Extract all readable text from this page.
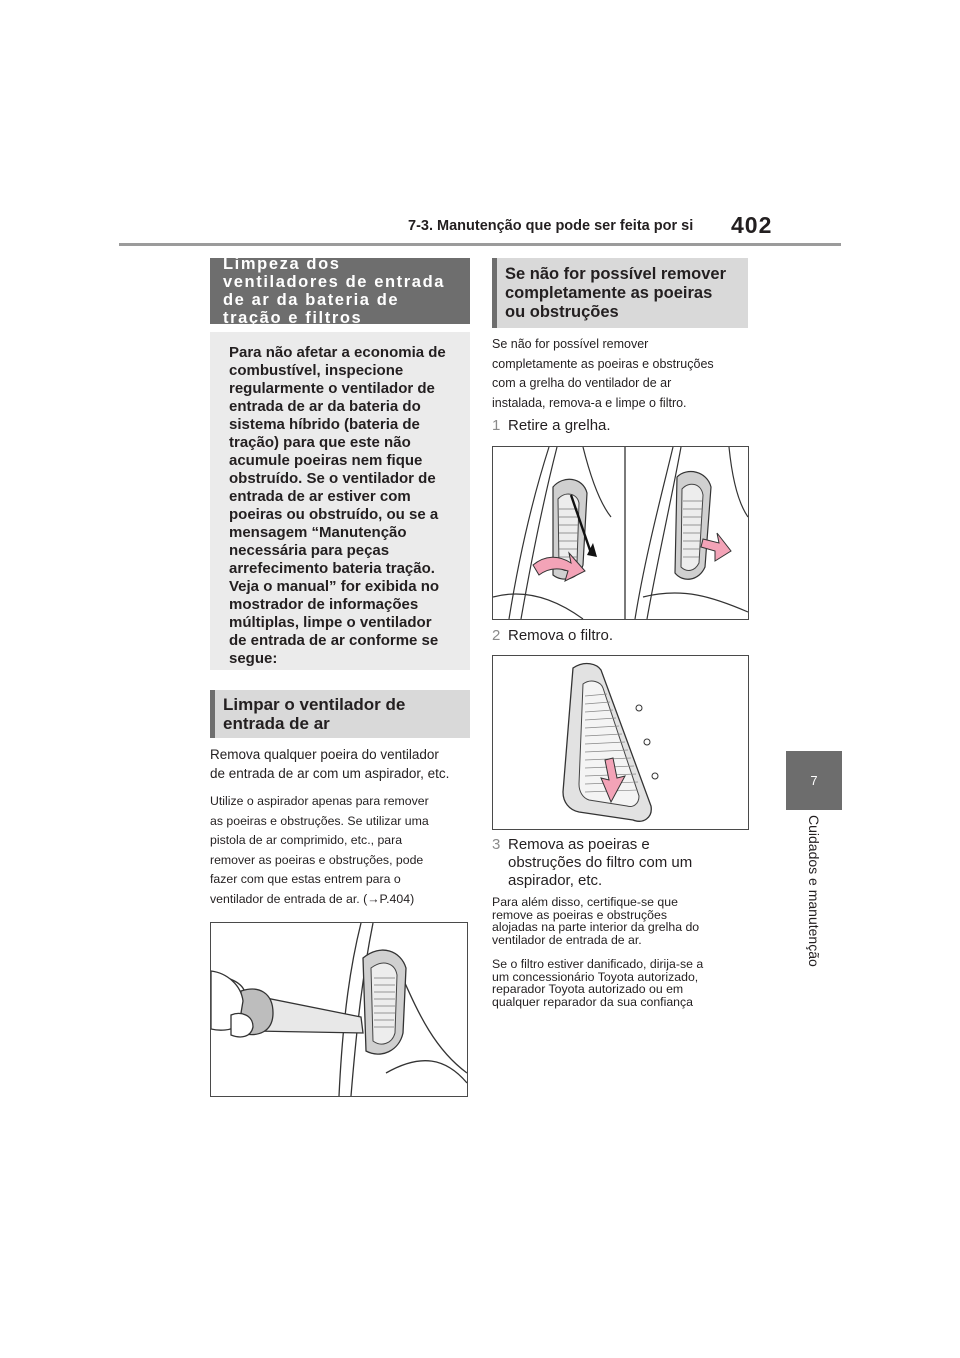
7-3. Manutenção que pode ser feita por si 402
7
Cuidados e manutenção
Limpeza dos ventiladores de entrada de ar da bateria de tração e filtros
Para não afetar a economia de
combustível, inspecione
regularmente o ventilador de
entrada de ar da bateria do
sistema híbrido (bateria de
tração) para que este não
acumule poeiras nem fique
obstruído. Se o ventilador de
entrada de ar estiver com
poeiras ou obstruído, ou se a
mensagem “Manutenção
necessária para peças
arrefecimento bateria tração.
Veja o manual” for exibida no
mostrador de informações
múltiplas, limpe o ventilador
de entrada de ar conforme se
segue:
Limpar o ventilador de
entrada de ar
Remova qualquer poeira do ventilador
de entrada de ar com um aspirador, etc.
Utilize o aspirador apenas para remover
as poeiras e obstruções. Se utilizar uma
pistola de ar comprimido, etc., para
remover as poeiras e obstruções, pode
fazer com que estas entrem para o
ventilador de entrada de ar. (→P.404)
Se não for possível remover
completamente as poeiras
ou obstruções
Se não for possível remover
completamente as poeiras e obstruções
com a grelha do ventilador de ar
instalada, remova-a e limpe o filtro.

1 Retire a grelha.

2 Remova o filtro.

3 Remova as poeiras e
obstruções do filtro com um
aspirador, etc.

Para além disso, certifique-se que
remove as poeiras e obstruções
alojadas na parte interior da grelha do
ventilador de entrada de ar.
Se o filtro estiver danificado, dirija-se a
um concessionário Toyota autorizado,
reparador Toyota autorizado ou em
qualquer reparador da sua confiança
